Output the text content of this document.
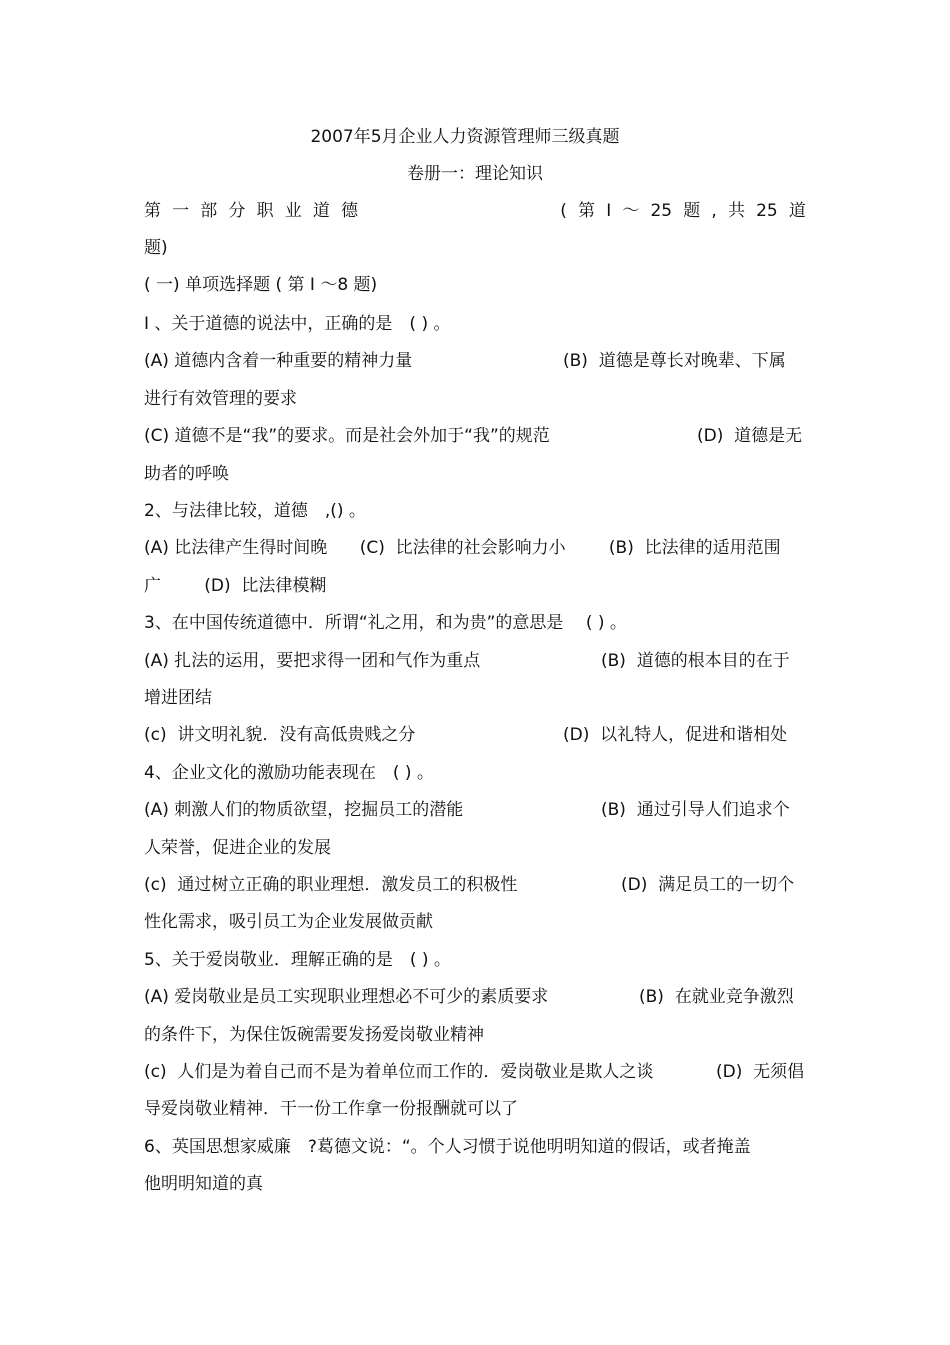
2007年5月企业人力资源管理师三级真题
卷册一：理论知识
第 一 部 分 职 业 道 德	( 第 I ～ 25 题 , 共 25 道
题)
( 一) 单项选择题 ( 第 I ～8 题)
I 、关于道德的说法中，正确的是　( ) 。
(A) 道德内含着一种重要的精神力量	(B)  道德是尊长对晚辈、下属
进行有效管理的要求
(C) 道德不是“我”的要求。而是社会外加于“我”的规范	(D)  道德是无
助者的呼唤
2、与法律比较，道德　,() 。
(A) 比法律产生得时间晚      (C)  比法律的社会影响力小        (B)  比法律的适用范围
广        (D)  比法律模糊
3、在中国传统道德中．所谓“礼之用，和为贵”的意思是　 ( ) 。
(A) 扎法的运用，要把求得一团和气作为重点	(B)  道德的根本目的在于
增进团结
(c)  讲文明礼貌．没有高低贵贱之分	(D)  以礼特人，促进和谐相处
4、企业文化的激励功能表现在　( ) 。
(A) 刺激人们的物质欲望，挖掘员工的潜能	(B)  通过引导人们追求个
人荣誉，促进企业的发展
(c)  通过树立正确的职业理想．激发员工的积极性	(D)  满足员工的一切个
性化需求，吸引员工为企业发展做贡献
5、关于爱岗敬业．理解正确的是　( ) 。
(A) 爱岗敬业是员工实现职业理想必不可少的素质要求	(B)  在就业竞争激烈
的条件下，为保住饭碗需要发扬爱岗敬业精神
(c)  人们是为着自己而不是为着单位而工作的．爱岗敬业是欺人之谈	(D)  无须倡
导爱岗敬业精神．干一份工作拿一份报酬就可以了
6、英国思想家威廉　?葛德文说：“。个人习惯于说他明明知道的假话，或者掩盖
他明明知道的真
